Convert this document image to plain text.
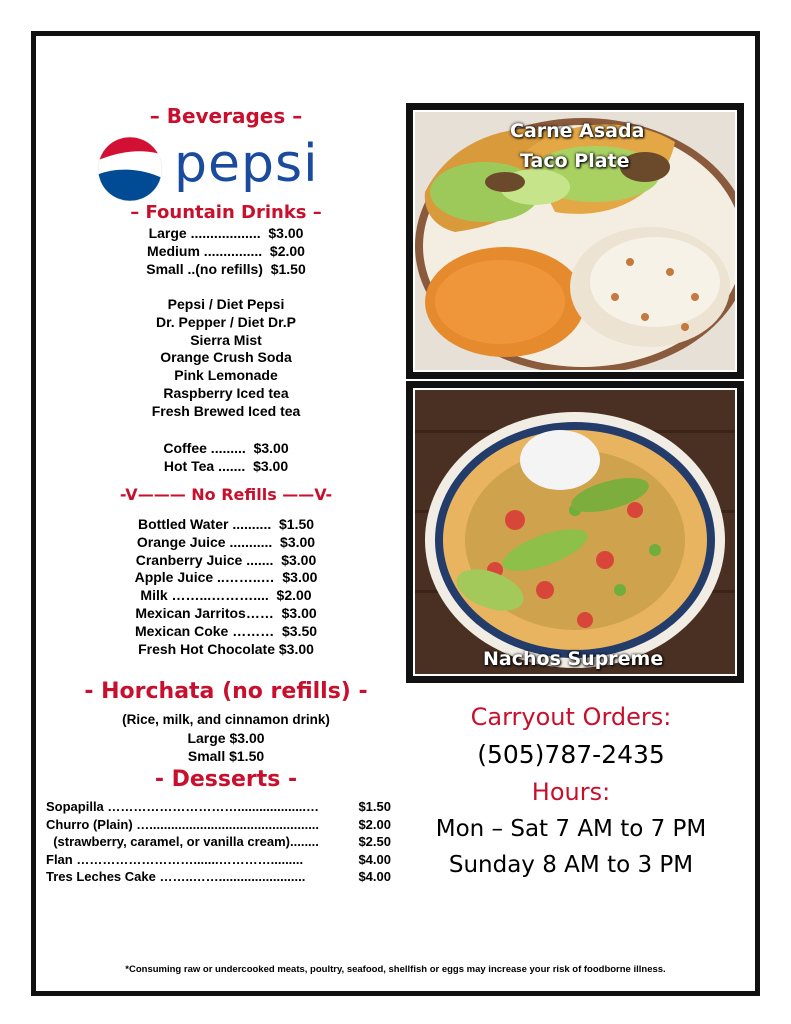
– Beverages –
pepsi
– Fountain Drinks –
Large ..................  $3.00
Medium ...............  $2.00
Small ..(no refills)  $1.50
Pepsi / Diet Pepsi
Dr. Pepper / Diet Dr.P
Sierra Mist
Orange Crush Soda
Pink Lemonade
Raspberry Iced tea
Fresh Brewed Iced tea
Coffee .........  $3.00
Hot Tea .......  $3.00
-V——— No Refills ——V-
Bottled Water ..........  $1.50
Orange Juice ...........  $3.00
Cranberry Juice .......  $3.00
Apple Juice ..……..…  $3.00
Milk ……...………....  $2.00
Mexican Jarritos……  $3.00
Mexican Coke ………  $3.50
Fresh Hot Chocolate $3.00
- Horchata (no refills) -
(Rice, milk, and cinnamon drink)
Large $3.00
Small $1.50
- Desserts -
Sopapilla …………………………...................…	$1.50
Churro (Plain) …...............................................	$2.00
(strawberry, caramel, or vanilla cream)........	$2.50
Flan ……………………….......………….........	$4.00
Tres Leches Cake ……..……........................	$4.00
Carne Asada
Taco Plate
Nachos Supreme
Carryout Orders:
(505)787-2435
Hours:
Mon – Sat 7 AM to 7 PM
Sunday 8 AM to 3 PM
*Consuming raw or undercooked meats, poultry, seafood, shellfish or eggs may increase your risk of foodborne illness.
